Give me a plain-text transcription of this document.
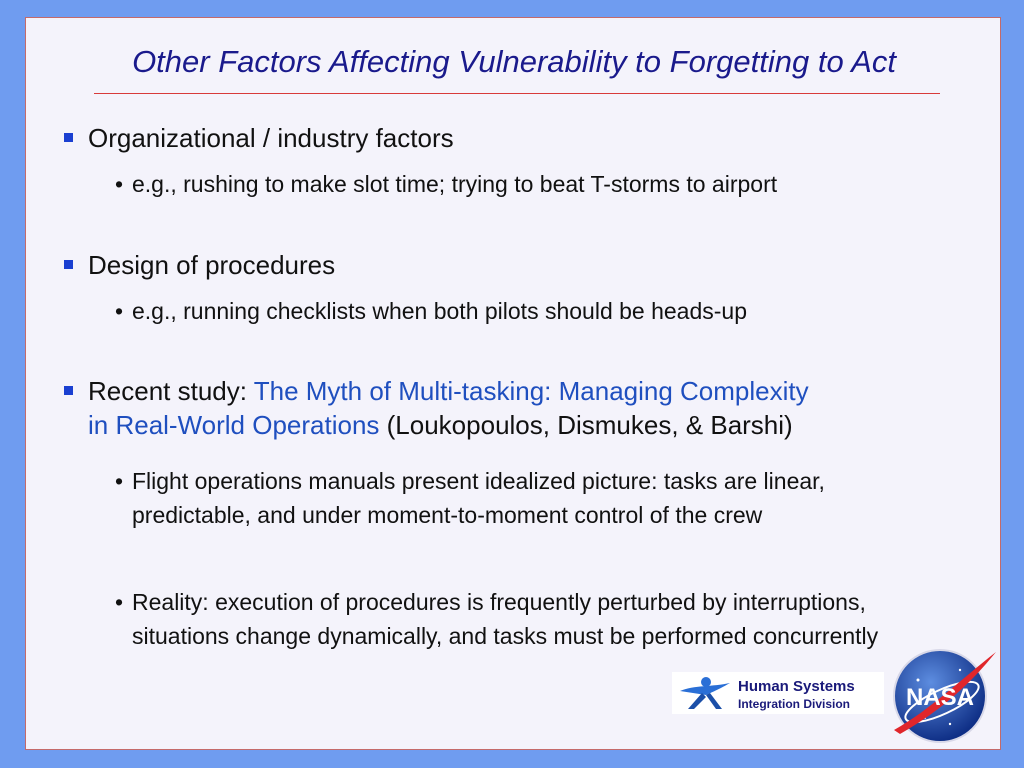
Other Factors Affecting Vulnerability to Forgetting to Act
Organizational / industry factors
• e.g., rushing to make slot time; trying to beat T-storms to airport
Design of procedures
• e.g., running checklists when both pilots should be heads-up
Recent study: The Myth of Multi-tasking: Managing Complexity
in Real-World Operations (Loukopoulos, Dismukes, & Barshi)
• Flight operations manuals present idealized picture: tasks are linear, predictable, and under moment-to-moment control of the crew
• Reality: execution of procedures is frequently perturbed by interruptions, situations change dynamically, and tasks must be performed concurrently
Human Systems
Integration Division NASA
